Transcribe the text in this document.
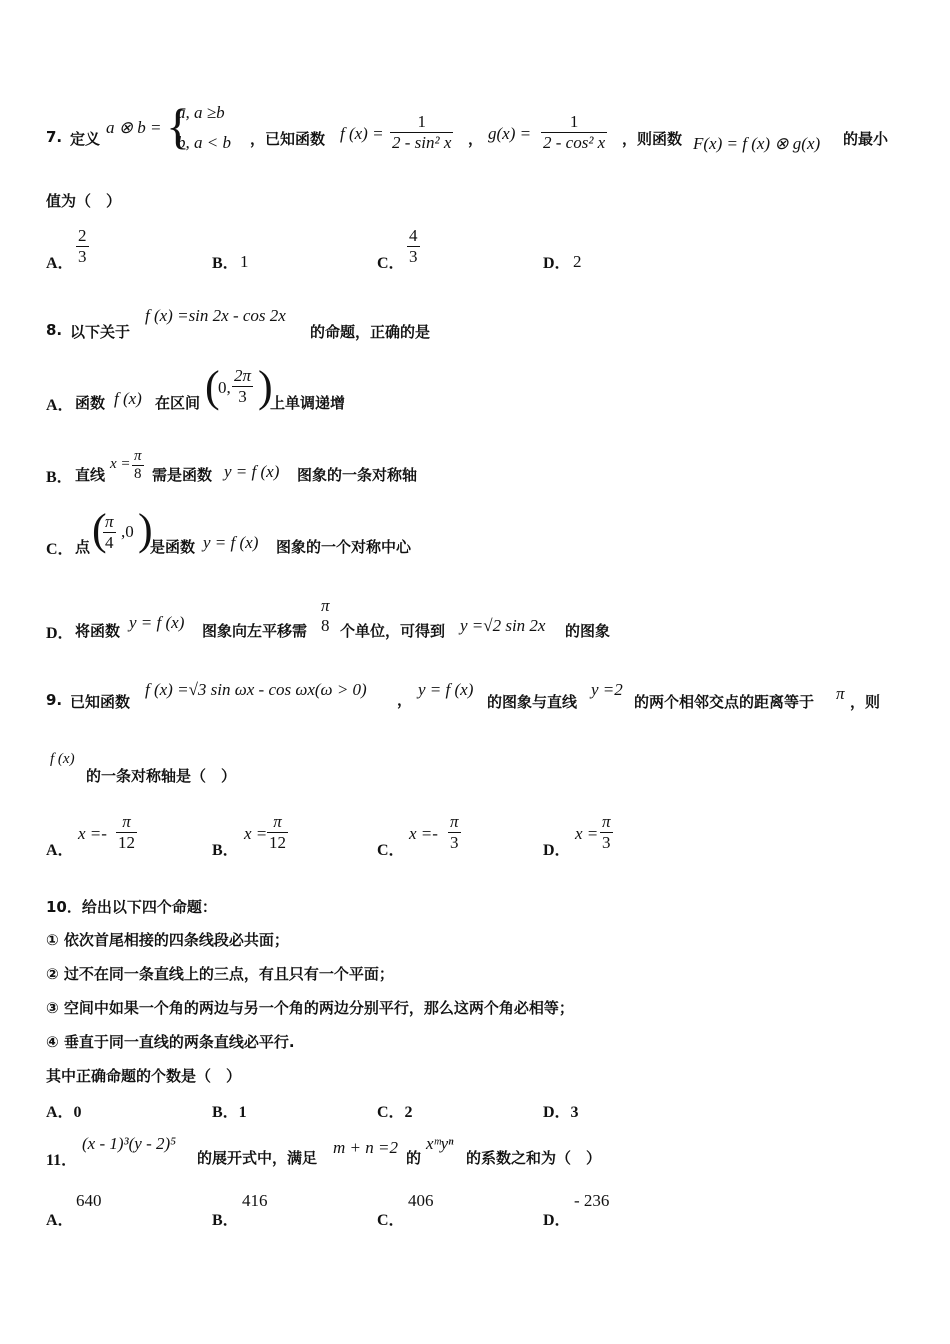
7. 定义
a ⊗ b = {
a, a ≥b
b, a < b ，已知函数 f $(x) = \frac{1}{\text{2 - sin² x}}$ ， $g(x) = \frac{1}{\text{2 - cos² x}}$ ，则函数 F(x) = f (x) ⊗ g(x) 的最小
值为（　）
A． $\frac{2}{3}$	B． 1	C． $\frac{4}{3}$	D． 2
8. 以下关于
f (x) =sin 2x - cos 2x
的命题，正确的是
A． 函数 f (x) 在区间 (
0, $\frac{2\pi}{3}$ )
上单调递增
B． 直线
$x = \frac{\pi}{8}$ 需是函数 y = f (x) 图象的一条对称轴
C． 点 (
$\frac{\pi}{4} ,0$ )
是函数 y = f (x) 图象的一个对称中心
D． 将函数 y = f (x) 图象向左平移需
π
8 个单位，可得到 y =√2 sin 2x 的图象
9. 已知函数
f (x) =√3 sin ωx - cos ωx(ω > 0)
，
y = f (x)
的图象与直线
y =2
的两个相邻交点的距离等于 π ，则
f (x)
的一条对称轴是（　）
A．
$x =- \frac{\pi}{12}$	B．
$x = \frac{\pi}{12}$	C．
$x =- \frac{\pi}{3}$	D．
$x = \frac{\pi}{3}$
10．给出以下四个命题：
① 依次首尾相接的四条线段必共面；
② 过不在同一条直线上的三点，有且只有一个平面；
③ 空间中如果一个角的两边与另一个角的两边分别平行，那么这两个角必相等；
④ 垂直于同一直线的两条直线必平行.
其中正确命题的个数是（　）
A．0	B．1	C．2	D．3
11．
(x - 1)³(y - 2)⁵
的展开式中，满足
m + n =2
的
xᵐyⁿ
的系数之和为（　）
A．
640
B．
416
C．
406
D．
- 236
